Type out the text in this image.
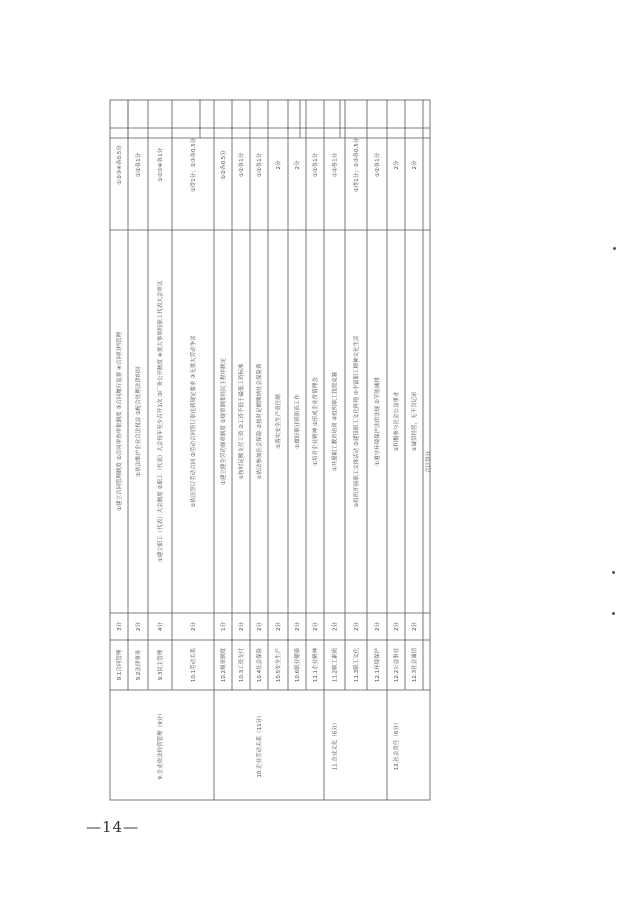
9.1合同管理
3分
①建立合同管理制度 ②合同审查审批制度 ③合同履行监督 ④合同归档管理
①②③④各0.5分
9.2法律事务
2分
①依法维护企业合法权益 ②配合处理法律纠纷
①②各1分
9.3民主管理
4分
①建立职工（代表）大会制度 ②职工（代表）大会每年至少召开1次 ③厂务公开制度 ④重大事项经职工代表大会审议
①②③④各1分
9.企业依法经营管理（9分）
10.1劳动关系
2分
①依法签订劳动合同 ②劳动合同签订率达到规定要求 ③无重大劳动争议
①得1分；②③各0.5分
10.2规章制度
1分
①建立健全劳动规章制度 ②规章制度经民主程序制定
①②各0.5分
10.3工资支付
2分
①按时足额支付工资 ②工资不低于最低工资标准
①②各1分
10.4社会保险
2分
①依法参加社会保险 ②按时足额缴纳社会保险费
①②各1分
10.企业劳动关系（11分）
10.5安全生产
2分
①落实安全生产责任制
2分
10.6职业健康
2分
①做好职业病防治工作
2分
11.1企业精神
2分
①培育企业精神 ②形成企业价值理念
①②各1分
11.2职工素质
2分
①开展职工教育培训 ②组织职工技能竞赛
①②各1分
11.企业文化（6分）
11.3职工文化
2分
①组织开展职工文体活动 ②建设职工文化阵地 ③丰富职工精神文化生活
①得1分；②③各0.5分
12.1环境保护
2分
①遵守环境保护法律法规 ②节能减排
①②各1分
12.2公益事业
2分
①积极参与社会公益事业
2分
12.社会责任（6分）
12.3社会诚信
2分
①诚信经营，无不良记录
2分
合计得分
—14—
